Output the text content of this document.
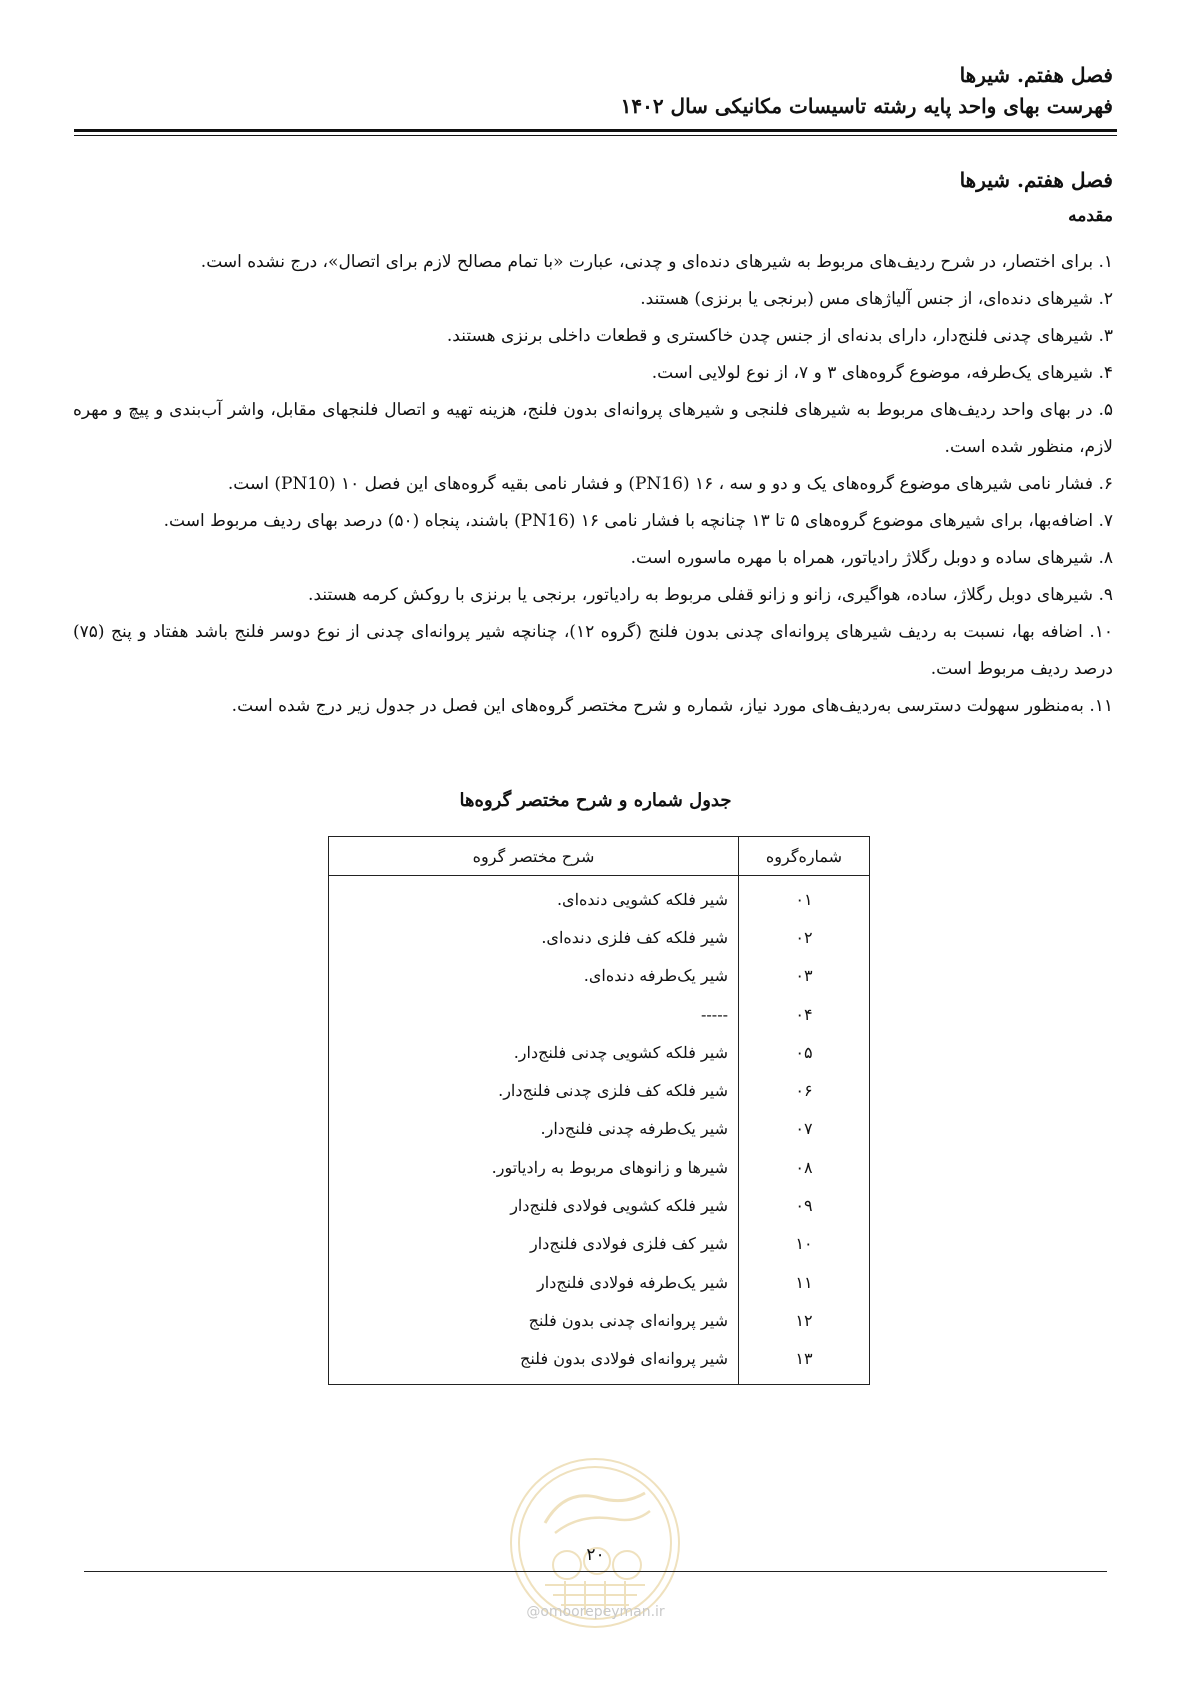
فصل هفتم. شیرها
فهرست بهای واحد پایه رشته تاسیسات مکانیکی سال ۱۴۰۲
فصل هفتم. شیرها
مقدمه
۱. برای اختصار، در شرح ردیف‌های مربوط به شیرهای دنده‌ای و چدنی، عبارت «با تمام مصالح لازم برای اتصال»، درج نشده است.
۲. شیرهای دنده‌ای، از جنس آلیاژهای مس (برنجی یا برنزی) هستند.
۳. شیرهای چدنی فلنج‌دار، دارای بدنه‌ای از جنس چدن خاکستری و قطعات داخلی برنزی هستند.
۴. شیرهای یک‌طرفه، موضوع گروه‌های ۳ و ۷، از نوع لولایی است.
۵. در بهای واحد ردیف‌های مربوط به شیرهای فلنجی و شیرهای پروانه‌ای بدون فلنج، هزینه تهیه و اتصال فلنجهای مقابل، واشر آب‌بندی و پیچ و مهره لازم، منظور شده است.
۶. فشار نامی شیرهای موضوع گروه‌های یک و دو و سه ، ۱۶ (PN16) و فشار نامی بقیه گروه‌های این فصل ۱۰ (PN10) است.
۷. اضافه‌بها، برای شیرهای موضوع گروه‌های ۵ تا ۱۳ چنانچه با فشار نامی ۱۶ (PN16) باشند، پنجاه (۵۰) درصد بهای ردیف مربوط است.
۸. شیرهای ساده و دوبل رگلاژ رادیاتور، همراه با مهره ماسوره است.
۹. شیرهای دوبل رگلاژ، ساده، هواگیری، زانو و زانو قفلی مربوط به رادیاتور، برنجی یا برنزی با روکش کرمه هستند.
۱۰. اضافه بها، نسبت به ردیف شیرهای پروانه‌ای چدنی بدون فلنج (گروه ۱۲)، چنانچه شیر پروانه‌ای چدنی از نوع دوسر فلنج باشد هفتاد و پنج (۷۵) درصد ردیف مربوط است.
۱۱. به‌منظور سهولت دسترسی به‌ردیف‌های مورد نیاز، شماره و شرح مختصر گروه‌های این فصل در جدول زیر درج شده است.
جدول شماره و شرح مختصر گروه‌ها
شماره‌گروه	شرح مختصر گروه
۰۱	شیر فلکه کشویی دنده‌ای.
۰۲	شیر فلکه کف فلزی دنده‌ای.
۰۳	شیر یک‌طرفه دنده‌ای.
۰۴	-----
۰۵	شیر فلکه کشویی چدنی فلنج‌دار.
۰۶	شیر فلکه کف فلزی چدنی فلنج‌دار.
۰۷	شیر یک‌طرفه چدنی فلنج‌دار.
۰۸	شیرها و زانوهای مربوط به رادیاتور.
۰۹	شیر فلکه کشویی فولادی فلنج‌دار
۱۰	شیر کف فلزی فولادی فلنج‌دار
۱۱	شیر یک‌طرفه فولادی فلنج‌دار
۱۲	شیر پروانه‌ای چدنی بدون فلنج
۱۳	شیر پروانه‌ای فولادی بدون فلنج
۲۰
@omoorepeyman.ir
